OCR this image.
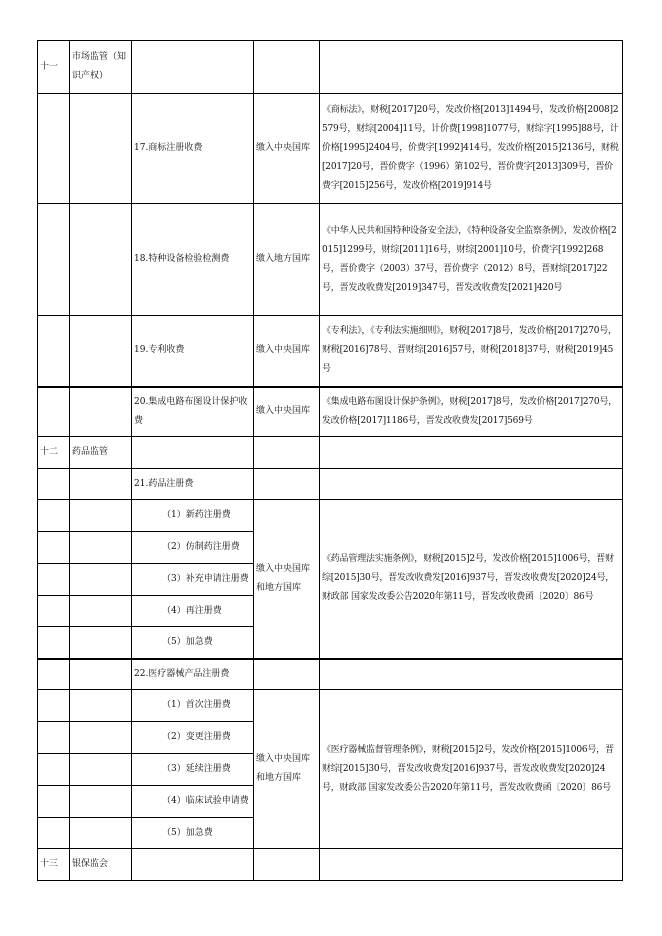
十一	市场监管（知识产权）			
		17.商标注册收费	缴入中央国库	《商标法》，财税[2017]20号，发改价格[2013]1494号，发改价格[2008]2579号，财综[2004]11号，计价费[1998]1077号，财综字[1995]88号，计价格[1995]2404号，价费字[1992]414号，发改价格[2015]2136号，财税[2017]20号，晋价费字（1996）第102号，晋价费字[2013]309号，晋价费字[2015]256号，发改价格[2019]914号
		18.特种设备检验检测费	缴入地方国库	《中华人民共和国特种设备安全法》，《特种设备安全监察条例》，发改价格[2015]1299号，财综[2011]16号，财综[2001]10号，价费字[1992]268号，晋价费字（2003）37号，晋价费字（2012）8号，晋财综[2017]22号，晋发改收费发[2019]347号，晋发改收费发[2021]420号
		19.专利收费	缴入中央国库	《专利法》，《专利法实施细则》，财税[2017]8号，发改价格[2017]270号，财税[2016]78号、晋财综[2016]57号，财税[2018]37号，财税[2019]45号
		20.集成电路布图设计保护收费	缴入中央国库	《集成电路布图设计保护条例》，财税[2017]8号，发改价格[2017]270号，发改价格[2017]1186号，晋发改收费发[2017]569号
十二	药品监管			
		21.药品注册费		
		（1）新药注册费	缴入中央国库和地方国库	《药品管理法实施条例》，财税[2015]2号，发改价格[2015]1006号，晋财综[2015]30号，晋发改收费发[2016]937号，晋发改收费发[2020]24号，财政部 国家发改委公告2020年第11号，晋发改收费函〔2020〕86号
		（2）仿制药注册费		
		（3）补充申请注册费		
		（4）再注册费		
		（5）加急费		
		22.医疗器械产品注册费		
		（1）首次注册费	缴入中央国库和地方国库	《医疗器械监督管理条例》，财税[2015]2号，发改价格[2015]1006号，晋财综[2015]30号，晋发改收费发[2016]937号，晋发改收费发[2020]24号，财政部 国家发改委公告2020年第11号，晋发改收费函〔2020〕86号
		（2）变更注册费		
		（3）延续注册费		
		（4）临床试验申请费		
		（5）加急费		
十三	银保监会			
